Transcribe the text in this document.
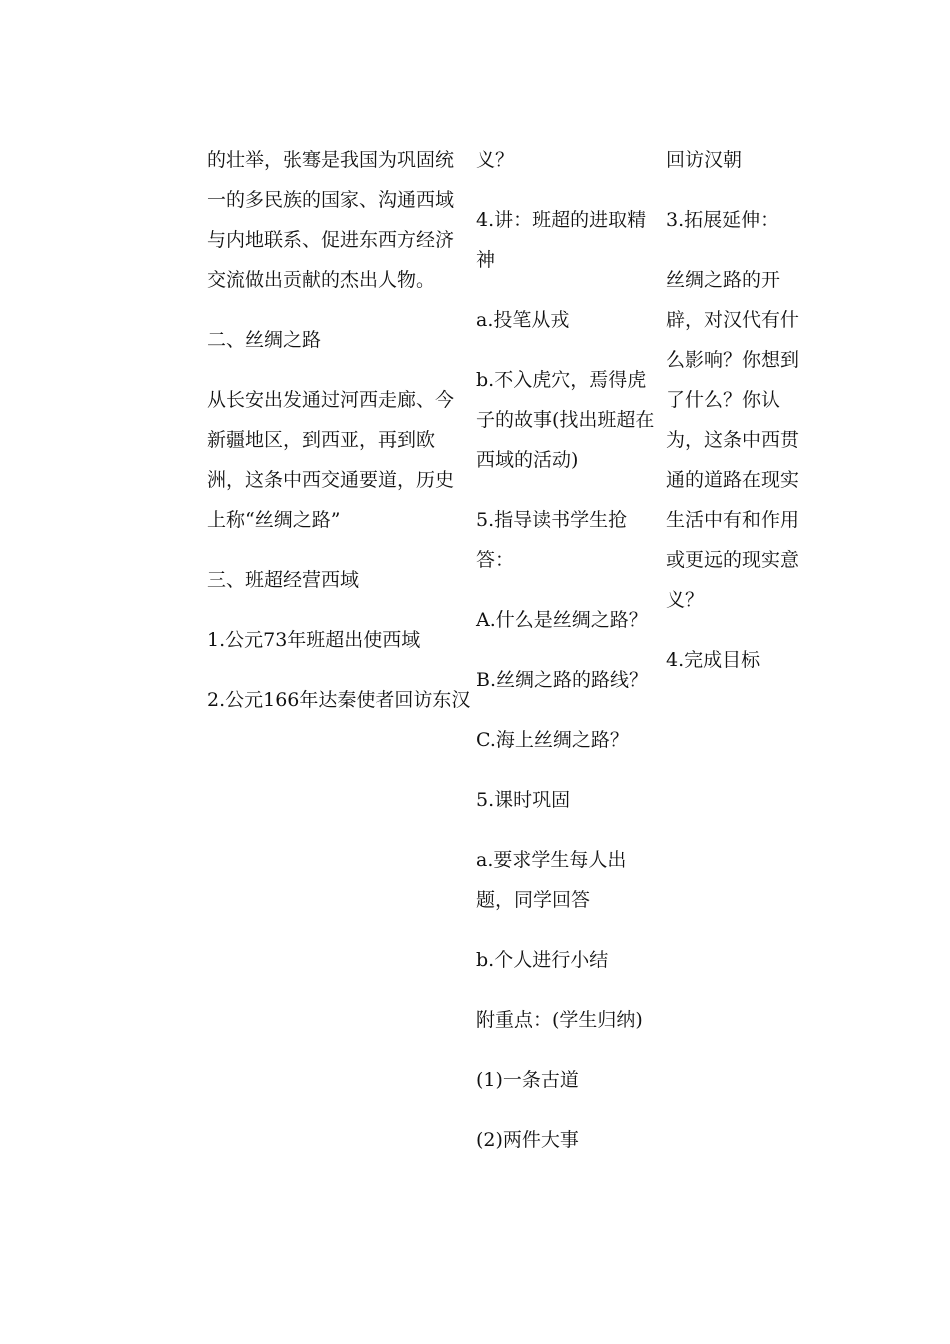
的壮举，张骞是我国为巩固统一的多民族的国家、沟通西域与内地联系、促进东西方经济交流做出贡献的杰出人物。

二、丝绸之路

从长安出发通过河西走廊、今新疆地区，到西亚，再到欧洲，这条中西交通要道，历史上称“丝绸之路”

三、班超经营西域

1.公元73年班超出使西域

2.公元166年达秦使者回访东汉

义？

4.讲：班超的进取精神

a.投笔从戎

b.不入虎穴，焉得虎子的故事(找出班超在西域的活动)

5.指导读书学生抢答：

A.什么是丝绸之路？

B.丝绸之路的路线？

C.海上丝绸之路？

5.课时巩固

a.要求学生每人出题，同学回答

b.个人进行小结

附重点：(学生归纳)

(1)一条古道

(2)两件大事

回访汉朝

3.拓展延伸：

丝绸之路的开辟，对汉代有什么影响？你想到了什么？你认为，这条中西贯通的道路在现实生活中有和作用或更远的现实意义？

4.完成目标
